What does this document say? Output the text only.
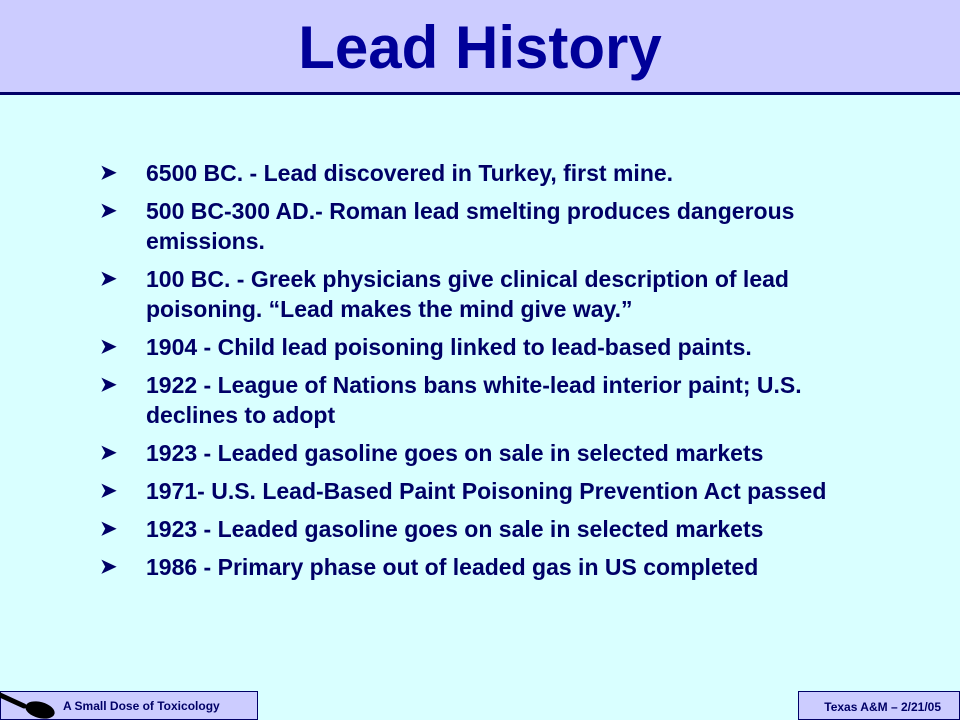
Lead History
➤ 6500 BC. - Lead discovered in Turkey, first mine.
➤ 500 BC-300 AD.- Roman lead smelting produces dangerous emissions.
➤ 100 BC. - Greek physicians give clinical description of lead poisoning. “Lead makes the mind give way.”
➤ 1904 - Child lead poisoning linked to lead-based paints.
➤ 1922 - League of Nations bans white-lead interior paint; U.S. declines to adopt
➤ 1923 - Leaded gasoline goes on sale in selected markets
➤ 1971- U.S. Lead-Based Paint Poisoning Prevention Act passed
➤ 1923 - Leaded gasoline goes on sale in selected markets
➤ 1986 - Primary phase out of leaded gas in US completed
A Small Dose of Toxicology	Texas A&M – 2/21/05
